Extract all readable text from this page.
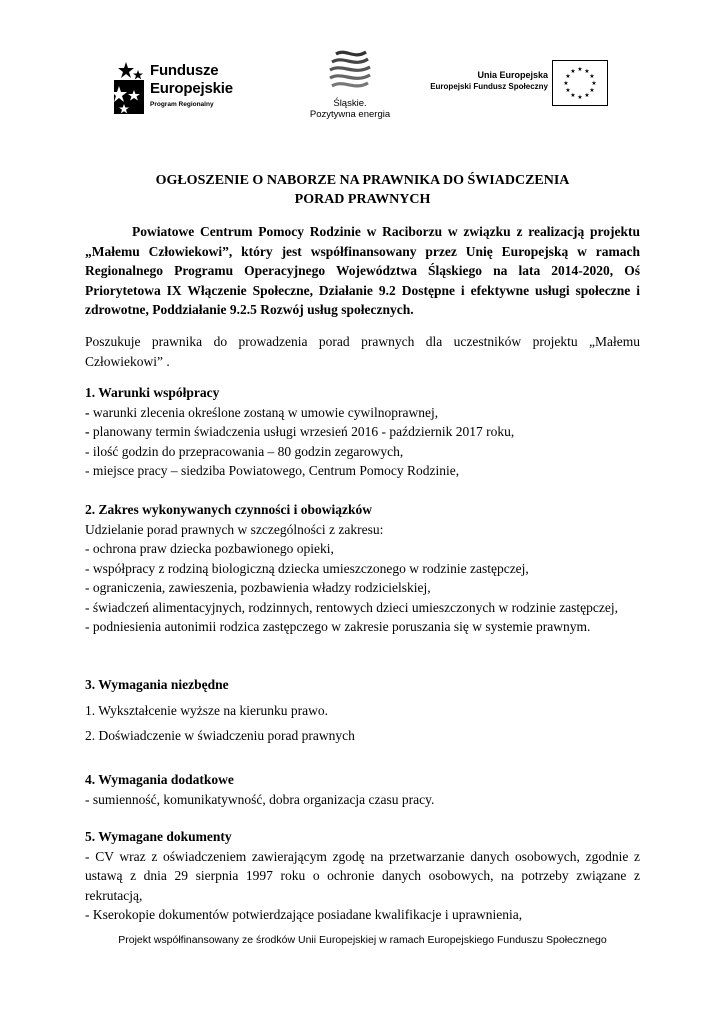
Fundusze
Europejskie
Program Regionalny	Śląskie.
Pozytywna energia
Unia Europejska
Europejski Fundusz Społeczny
★ ★
★
★
★
★
★
★
★
★
★
★
OGŁOSZENIE O NABORZE NA PRAWNIKA DO ŚWIADCZENIA
PORAD PRAWNYCH
Powiatowe Centrum Pomocy Rodzinie w Raciborzu w związku z realizacją projektu „Małemu Człowiekowi”, który jest współfinansowany przez Unię Europejską w ramach Regionalnego Programu Operacyjnego Województwa Śląskiego na lata 2014-2020, Oś Priorytetowa IX Włączenie Społeczne, Działanie 9.2 Dostępne i efektywne usługi społeczne i zdrowotne, Poddziałanie 9.2.5 Rozwój usług społecznych.
Poszukuje prawnika do prowadzenia porad prawnych dla uczestników projektu „Małemu Człowiekowi” .
1. Warunki współpracy
- warunki zlecenia określone zostaną w umowie cywilnoprawnej,
- planowany termin świadczenia usługi wrzesień 2016 - październik 2017 roku,
- ilość godzin do przepracowania – 80 godzin zegarowych,
- miejsce pracy – siedziba Powiatowego, Centrum Pomocy Rodzinie,
2. Zakres wykonywanych czynności i obowiązków
Udzielanie porad prawnych w szczególności z zakresu:
- ochrona praw dziecka pozbawionego opieki,
- współpracy z rodziną biologiczną dziecka umieszczonego w rodzinie zastępczej,
- ograniczenia, zawieszenia, pozbawienia władzy rodzicielskiej,
- świadczeń alimentacyjnych, rodzinnych, rentowych dzieci umieszczonych w rodzinie zastępczej,
- podniesienia autonimii rodzica zastępczego w zakresie poruszania się w systemie prawnym.
3. Wymagania niezbędne
1. Wykształcenie wyższe na kierunku prawo.
2. Doświadczenie w świadczeniu porad prawnych
4. Wymagania dodatkowe
- sumienność, komunikatywność, dobra organizacja czasu pracy.
5. Wymagane dokumenty
- CV wraz z oświadczeniem zawierającym zgodę na przetwarzanie danych osobowych, zgodnie z ustawą z dnia 29 sierpnia 1997 roku o ochronie danych osobowych, na potrzeby związane z rekrutacją,
- Kserokopie dokumentów potwierdzające posiadane kwalifikacje i uprawnienia,
Projekt współfinansowany ze środków Unii Europejskiej w ramach Europejskiego Funduszu Społecznego
